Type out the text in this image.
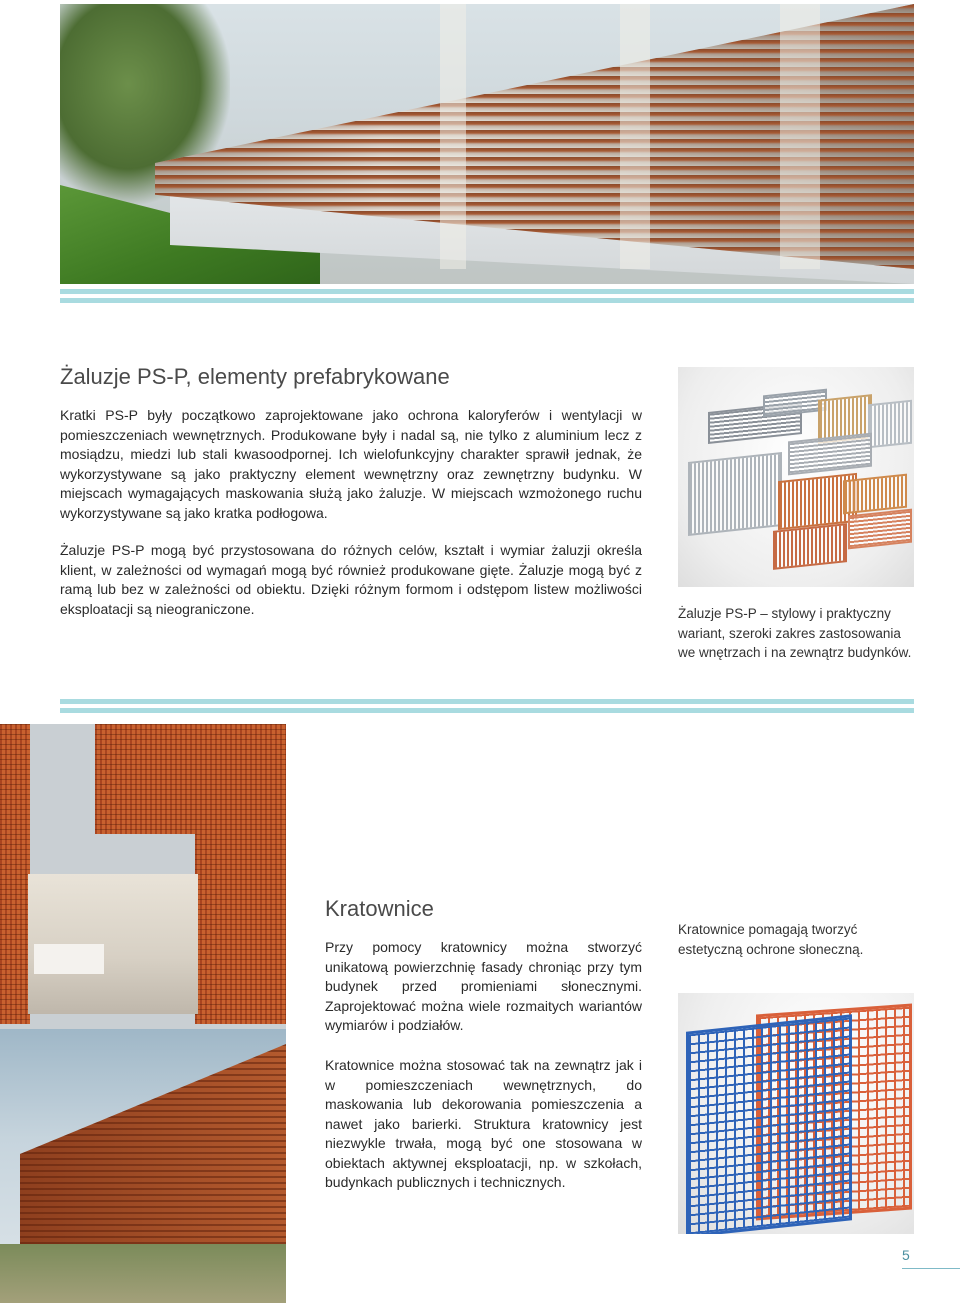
Żaluzje PS-P, elementy prefabrykowane

Kratki PS-P były początkowo zaprojektowane jako ochrona kaloryferów i wentylacji w pomieszczeniach wewnętrznych. Produkowane były i nadal są, nie tylko z aluminium lecz z mosiądzu, miedzi lub stali kwasoodpornej. Ich wielofunkcyjny charakter sprawił jednak, że wykorzystywane są jako praktyczny element wewnętrzny oraz zewnętrzny budynku. W miejscach wymagających maskowania służą jako żaluzje. W miejscach wzmożonego ruchu wykorzystywane są jako kratka podłogowa.

Żaluzje PS-P mogą być przystosowana do różnych celów, kształt i wymiar żaluzji określa klient, w zależności od wymagań mogą być również produkowane gięte. Żaluzje mogą być z ramą lub bez w zależności od obiektu. Dzięki różnym formom i odstępom listew możliwości eksploatacji są nieograniczone.	Żaluzje PS-P – stylowy i praktyczny wariant, szeroki zakres zastosowania we wnętrzach i na zewnątrz budynków.
Kratownice

Przy pomocy kratownicy można stworzyć unikatową powierzchnię fasady chroniąc przy tym budynek przed promieniami słonecznymi. Zaprojektować można wiele rozmaitych wariantów wymiarów i podziałów.

Kratownice można stosować tak na zewnątrz jak i w pomieszczeniach wewnętrznych, do maskowania lub dekorowania pomieszczenia a nawet jako barierki. Struktura kratownicy jest niezwykle trwała, mogą być one stosowana w obiektach aktywnej eksploatacji, np. w szkołach, budynkach publicznych i technicznych.

Kratownice pomagają tworzyć estetyczną ochrone słoneczną.
5
